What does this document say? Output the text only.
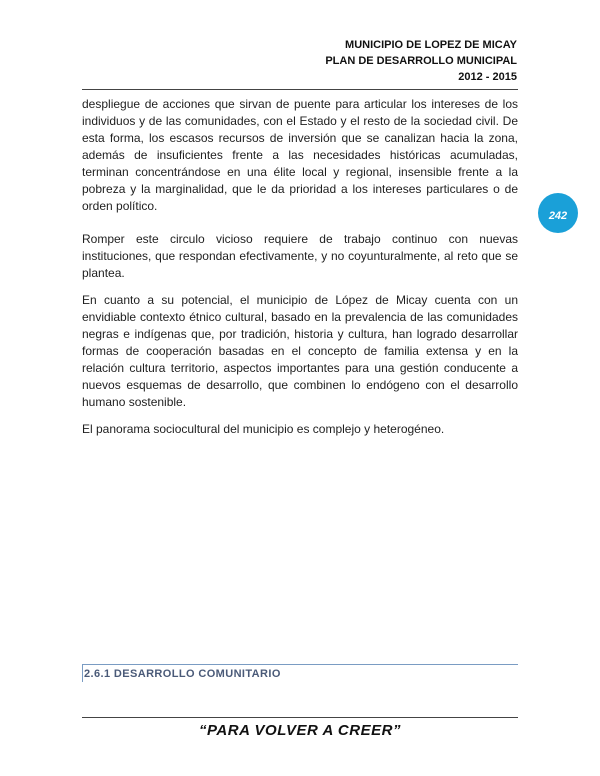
MUNICIPIO DE LOPEZ DE MICAY
PLAN DE DESARROLLO MUNICIPAL
2012 - 2015

despliegue de acciones que sirvan de puente para articular los intereses de los individuos y de las comunidades, con el Estado y el resto de la sociedad civil. De esta forma, los escasos recursos de inversión que se canalizan hacia la zona, además de insuficientes frente a las necesidades históricas acumuladas, terminan concentrándose en una élite local y regional, insensible frente a la pobreza y la marginalidad, que le da prioridad a los intereses particulares o de orden político.

Romper este circulo vicioso requiere de trabajo continuo con nuevas instituciones, que respondan efectivamente, y no coyunturalmente, al reto que se plantea.

En cuanto a su potencial, el municipio de López de Micay cuenta con un envidiable contexto étnico cultural, basado en la prevalencia de las comunidades negras e indígenas que, por tradición, historia y cultura, han logrado desarrollar formas de cooperación basadas en el concepto de familia extensa y en la relación cultura territorio, aspectos importantes para una gestión conducente a nuevos esquemas de desarrollo, que combinen lo endógeno con el desarrollo humano sostenible.

El panorama sociocultural del municipio es complejo y heterogéneo.

242
2.6.1 DESARROLLO COMUNITARIO
“PARA VOLVER A CREER”
